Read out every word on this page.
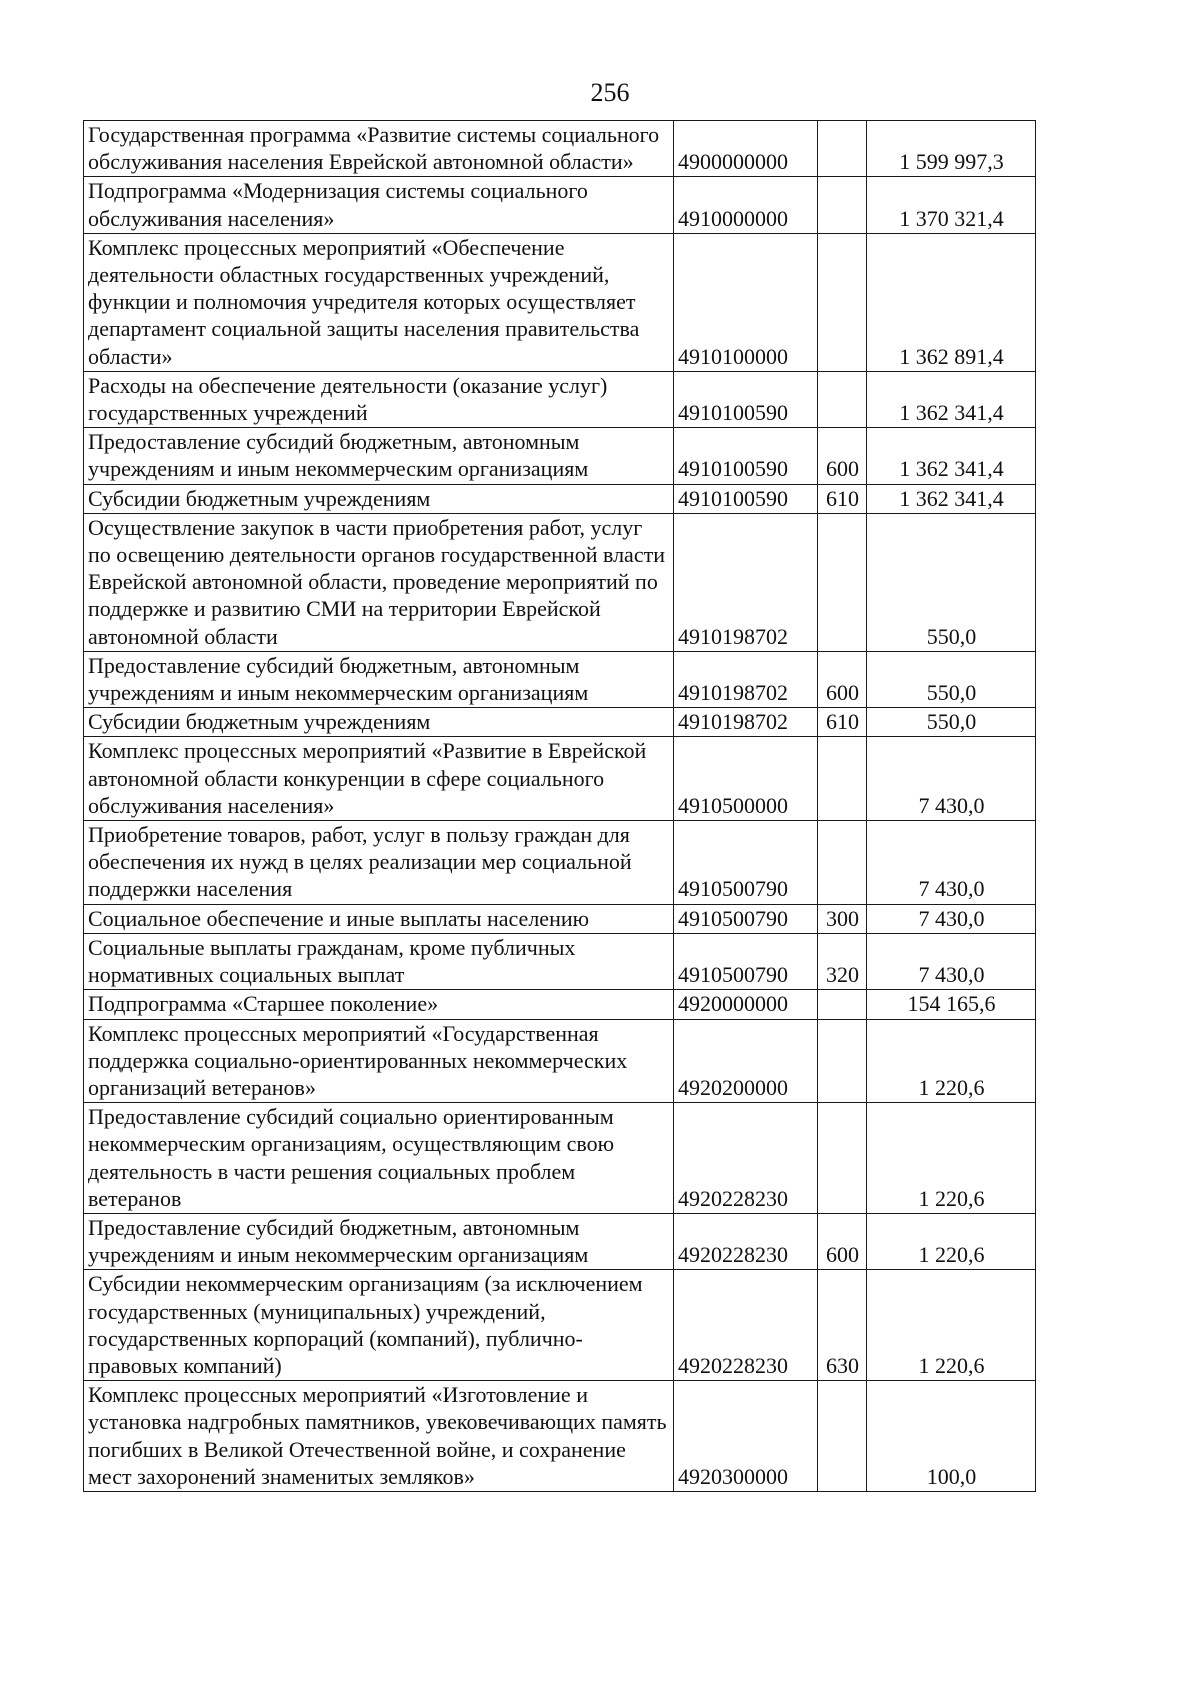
256
Государственная программа «Развитие системы социального обслуживания населения Еврейской автономной области»	4900000000		1 599 997,3
Подпрограмма «Модернизация системы социального обслуживания населения»	4910000000		1 370 321,4
Комплекс процессных мероприятий «Обеспечение деятельности областных государственных учреждений, функции и полномочия учредителя которых осуществляет департамент социальной защиты населения правительства области»	4910100000		1 362 891,4
Расходы на обеспечение деятельности (оказание услуг) государственных учреждений	4910100590		1 362 341,4
Предоставление субсидий бюджетным, автономным учреждениям и иным некоммерческим организациям	4910100590	600	1 362 341,4
Субсидии бюджетным учреждениям	4910100590	610	1 362 341,4
Осуществление закупок в части приобретения работ, услуг по освещению деятельности органов государственной власти Еврейской автономной области, проведение мероприятий по поддержке и развитию СМИ на территории Еврейской автономной области	4910198702		550,0
Предоставление субсидий бюджетным, автономным учреждениям и иным некоммерческим организациям	4910198702	600	550,0
Субсидии бюджетным учреждениям	4910198702	610	550,0
Комплекс процессных мероприятий «Развитие в Еврейской автономной области конкуренции в сфере социального обслуживания населения»	4910500000		7 430,0
Приобретение товаров, работ, услуг в пользу граждан для обеспечения их нужд в целях реализации мер социальной поддержки населения	4910500790		7 430,0
Социальное обеспечение и иные выплаты населению	4910500790	300	7 430,0
Социальные выплаты гражданам, кроме публичных нормативных социальных выплат	4910500790	320	7 430,0
Подпрограмма «Старшее поколение»	4920000000		154 165,6
Комплекс процессных мероприятий «Государственная поддержка социально-ориентированных некоммерческих организаций ветеранов»	4920200000		1 220,6
Предоставление субсидий социально ориентированным некоммерческим организациям, осуществляющим свою деятельность в части решения социальных проблем ветеранов	4920228230		1 220,6
Предоставление субсидий бюджетным, автономным учреждениям и иным некоммерческим организациям	4920228230	600	1 220,6
Субсидии некоммерческим организациям (за исключением государственных (муниципальных) учреждений, государственных корпораций (компаний), публично-правовых компаний)	4920228230	630	1 220,6
Комплекс процессных мероприятий «Изготовление и установка надгробных памятников, увековечивающих память погибших в Великой Отечественной войне, и сохранение мест захоронений знаменитых земляков»	4920300000		100,0
